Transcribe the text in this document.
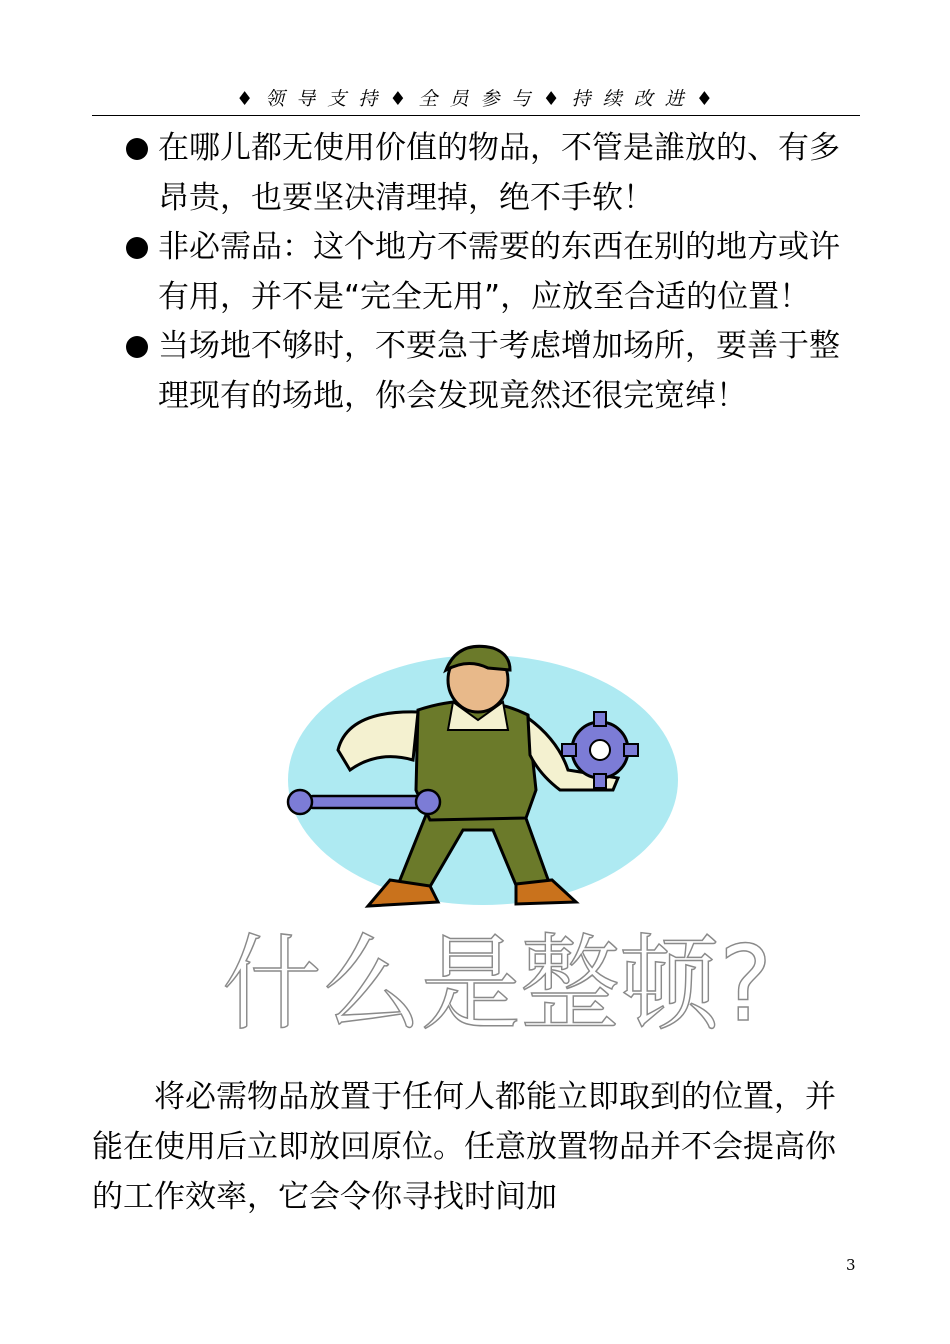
♦ 领 导 支 持 ♦ 全 员 参 与 ♦ 持 续 改 进 ♦
在哪儿都无使用价值的物品，不管是誰放的、有多昂贵，也要坚决清理掉，绝不手软！
非必需品：这个地方不需要的东西在别的地方或许有用，并不是“完全无用”，应放至合适的位置！
当场地不够时，不要急于考虑增加场所，要善于整理现有的场地，你会发现竟然还很完宽绰！
什么是整顿?
将必需物品放置于任何人都能立即取到的位置，并能在使用后立即放回原位。任意放置物品并不会提高你的工作效率，它会令你寻找时间加
3
